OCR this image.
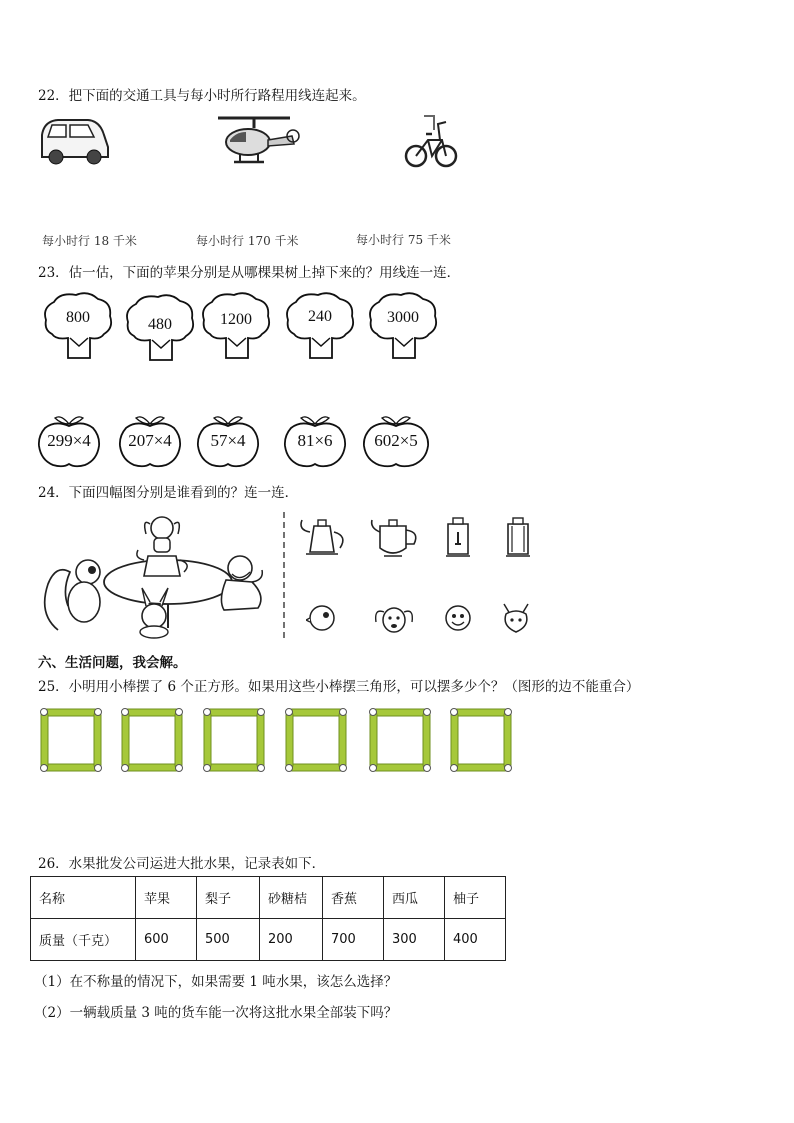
22．把下面的交通工具与每小时所行路程用线连起来。
每小时行 18 千米	每小时行 170 千米	每小时行 75 千米
23．估一估，下面的苹果分别是从哪棵果树上掉下来的？用线连一连．
800	480	1200	240	3000
299×4	207×4	57×4	81×6	602×5
24．下面四幅图分别是谁看到的？连一连．
六、生活问题，我会解。
25．小明用小棒摆了 6 个正方形。如果用这些小棒摆三角形，可以摆多少个？（图形的边不能重合）
26．水果批发公司运进大批水果，记录表如下．
名称	苹果	梨子	砂糖桔	香蕉	西瓜	柚子
质量（千克）	600	500	200	700	300	400
（1）在不称量的情况下，如果需要 1 吨水果，该怎么选择？
（2）一辆载质量 3 吨的货车能一次将这批水果全部装下吗？
